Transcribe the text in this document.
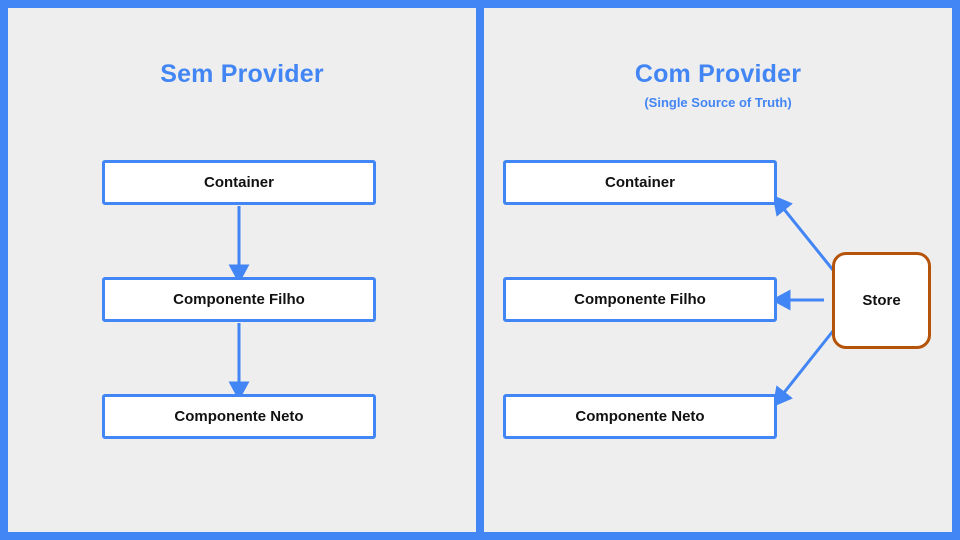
Sem Provider
Container
Componente Filho
Componente Neto
Com Provider
(Single Source of Truth)
Container
Componente Filho
Componente Neto
Store
